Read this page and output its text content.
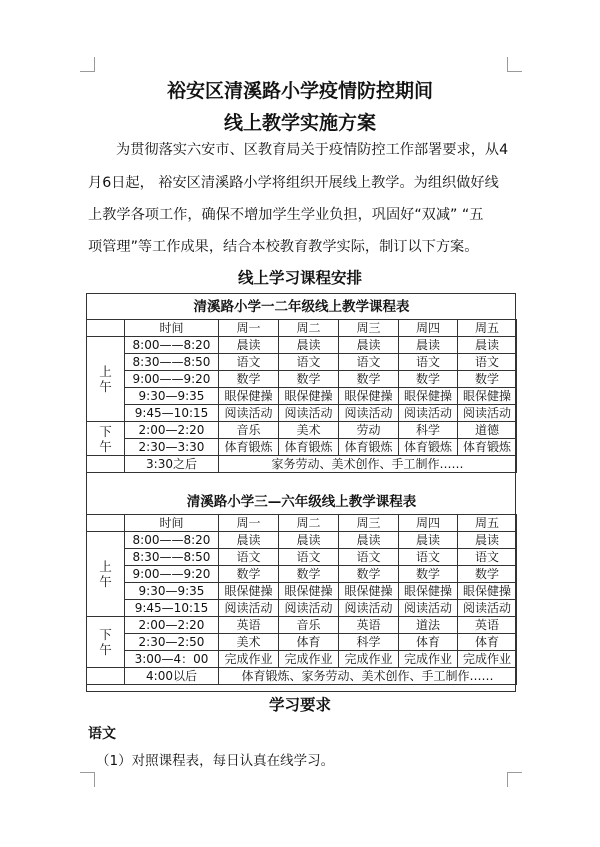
裕安区清溪路小学疫情防控期间
线上教学实施方案
为贯彻落实六安市、区教育局关于疫情防控工作部署要求，从4
月6日起， 裕安区清溪路小学将组织开展线上教学。为组织做好线
上教学各项工作，确保不增加学生学业负担，巩固好“双减” “五
项管理”等工作成果，结合本校教育教学实际，制订以下方案。
线上学习课程安排
清溪路小学一二年级线上教学课程表						
	时间	周一	周二	周三	周四	周五
上
午	8:00——8:20	晨读	晨读	晨读	晨读	晨读
	8:30——8:50	语文	语文	语文	语文	语文
	9:00——9:20	数学	数学	数学	数学	数学
	9:30—9:35	眼保健操	眼保健操	眼保健操	眼保健操	眼保健操
	9:45—10:15	阅读活动	阅读活动	阅读活动	阅读活动	阅读活动
下
午	2:00—2:20	音乐	美术	劳动	科学	道德
	2:30—3:30	体育锻炼	体育锻炼	体育锻炼	体育锻炼	体育锻炼
	3:30之后	家务劳动、美术创作、手工制作……				
清溪路小学三—六年级线上教学课程表						
	时间	周一	周二	周三	周四	周五
上
午	8:00——8:20	晨读	晨读	晨读	晨读	晨读
	8:30——8:50	语文	语文	语文	语文	语文
	9:00——9:20	数学	数学	数学	数学	数学
	9:30—9:35	眼保健操	眼保健操	眼保健操	眼保健操	眼保健操
	9:45—10:15	阅读活动	阅读活动	阅读活动	阅读活动	阅读活动
下
午	2:00—2:20	英语	音乐	英语	道法	英语
	2:30—2:50	美术	体育	科学	体育	体育
	3:00—4：00	完成作业	完成作业	完成作业	完成作业	完成作业
	4:00以后	体育锻炼、家务劳动、美术创作、手工制作……				
学习要求
语文
（1）对照课程表，每日认真在线学习。
